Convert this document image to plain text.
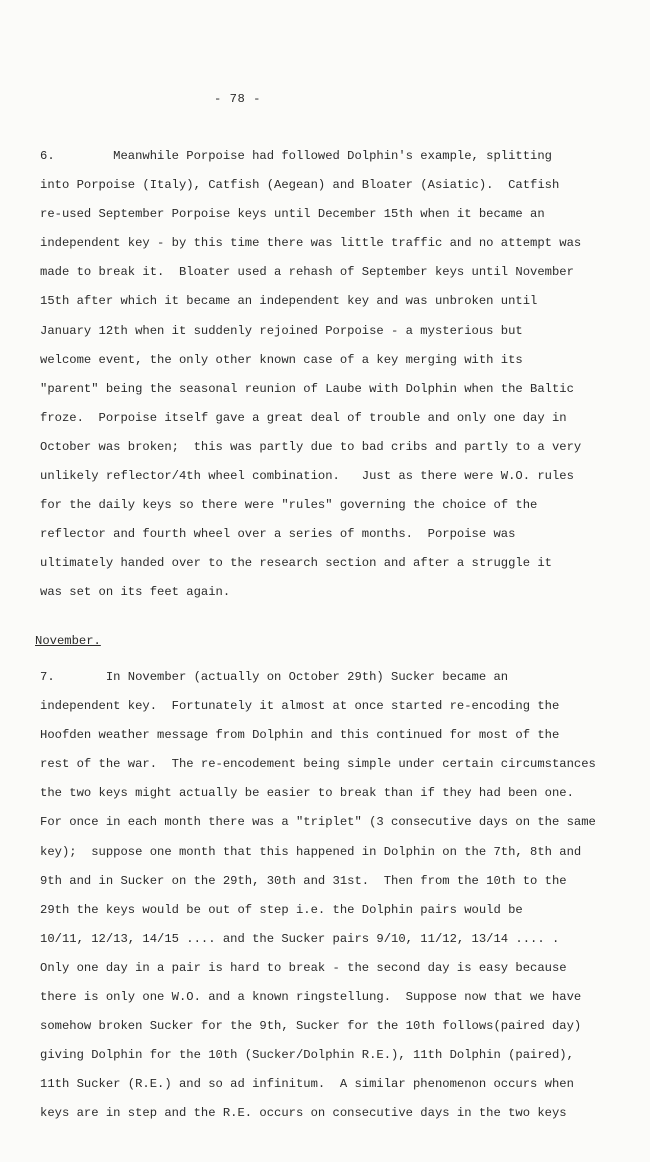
- 78 -
6.        Meanwhile Porpoise had followed Dolphin's example, splitting
into Porpoise (Italy), Catfish (Aegean) and Bloater (Asiatic).  Catfish
re-used September Porpoise keys until December 15th when it became an
independent key - by this time there was little traffic and no attempt was
made to break it.  Bloater used a rehash of September keys until November
15th after which it became an independent key and was unbroken until
January 12th when it suddenly rejoined Porpoise - a mysterious but
welcome event, the only other known case of a key merging with its
"parent" being the seasonal reunion of Laube with Dolphin when the Baltic
froze.  Porpoise itself gave a great deal of trouble and only one day in
October was broken;  this was partly due to bad cribs and partly to a very
unlikely reflector/4th wheel combination.   Just as there were W.O. rules
for the daily keys so there were "rules" governing the choice of the
reflector and fourth wheel over a series of months.  Porpoise was
ultimately handed over to the research section and after a struggle it
was set on its feet again.
November.
7.       In November (actually on October 29th) Sucker became an
independent key.  Fortunately it almost at once started re-encoding the
Hoofden weather message from Dolphin and this continued for most of the
rest of the war.  The re-encodement being simple under certain circumstances
the two keys might actually be easier to break than if they had been one.
For once in each month there was a "triplet" (3 consecutive days on the same
key);  suppose one month that this happened in Dolphin on the 7th, 8th and
9th and in Sucker on the 29th, 30th and 31st.  Then from the 10th to the
29th the keys would be out of step i.e. the Dolphin pairs would be
10/11, 12/13, 14/15 .... and the Sucker pairs 9/10, 11/12, 13/14 .... .
Only one day in a pair is hard to break - the second day is easy because
there is only one W.O. and a known ringstellung.  Suppose now that we have
somehow broken Sucker for the 9th, Sucker for the 10th follows(paired day)
giving Dolphin for the 10th (Sucker/Dolphin R.E.), 11th Dolphin (paired),
11th Sucker (R.E.) and so ad infinitum.  A similar phenomenon occurs when
keys are in step and the R.E. occurs on consecutive days in the two keys
